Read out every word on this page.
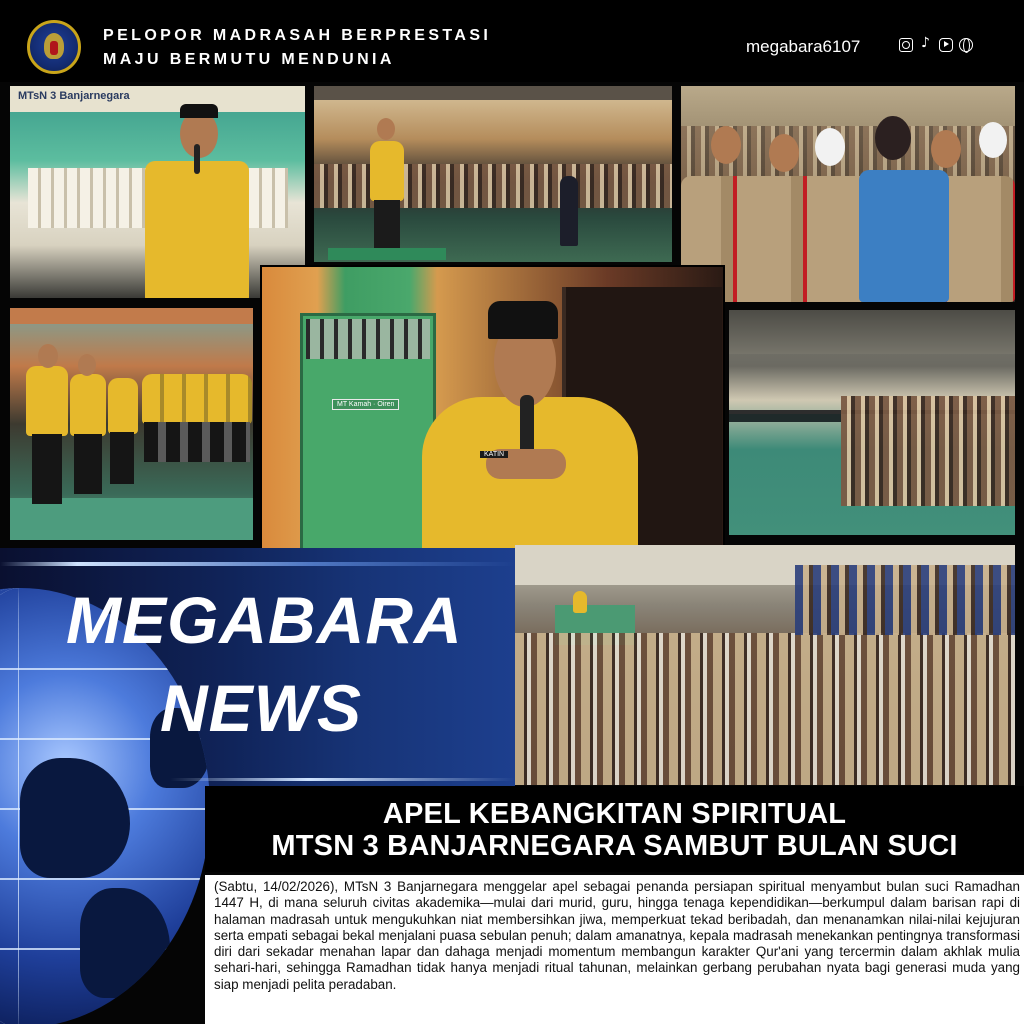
PELOPOR MADRASAH BERPRESTASI
MAJU BERMUTU MENDUNIA
megabara6107
♪
MTsN 3 Banjarnegara
MT Kamah · Oiren
KATIN
MEGABARA
NEWS
APEL KEBANGKITAN SPIRITUAL
MTSN 3 BANJARNEGARA SAMBUT BULAN SUCI

(Sabtu, 14/02/2026), MTsN 3 Banjarnegara menggelar apel sebagai penanda persiapan spiritual menyambut bulan suci Ramadhan 1447 H, di mana seluruh civitas akademika—mulai dari murid, guru, hingga tenaga kependidikan—berkumpul dalam barisan rapi di halaman madrasah untuk mengukuhkan niat membersihkan jiwa, memperkuat tekad beribadah, dan menanamkan nilai-nilai kejujuran serta empati sebagai bekal menjalani puasa sebulan penuh; dalam amanatnya, kepala madrasah menekankan pentingnya transformasi diri dari sekadar menahan lapar dan dahaga menjadi momentum membangun karakter Qur'ani yang tercermin dalam akhlak mulia sehari-hari, sehingga Ramadhan tidak hanya menjadi ritual tahunan, melainkan gerbang perubahan nyata bagi generasi muda yang siap menjadi pelita peradaban.
